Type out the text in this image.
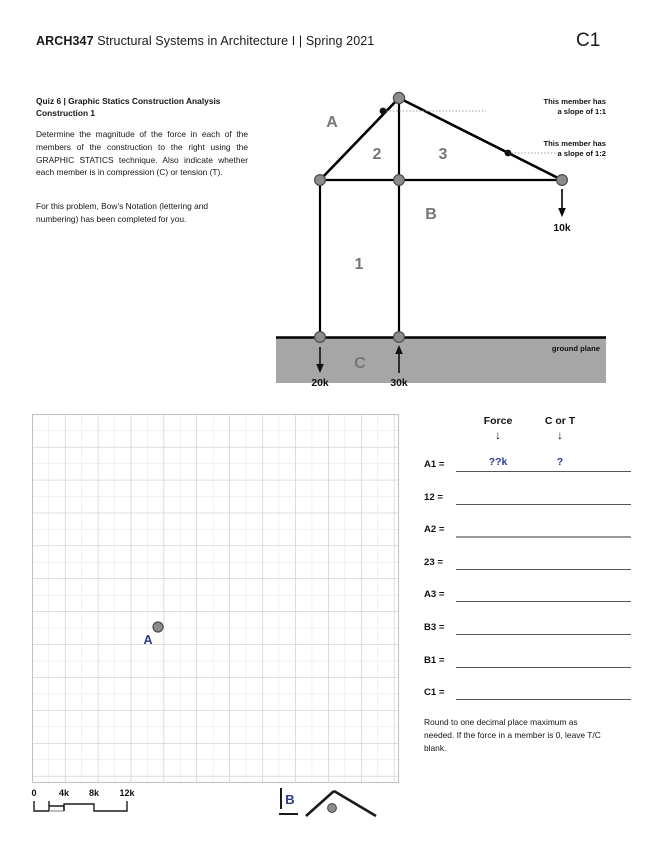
ARCH347 Structural Systems in Architecture I | Spring 2021	C1
Quiz 6 | Graphic Statics Construction Analysis Construction 1
Determine the magnitude of the force in each of the members of the construction to the right using the GRAPHIC STATICS technique. Also indicate whether each member is in compression (C) or tension (T).
For this problem, Bow’s Notation (lettering and numbering) has been completed for you.
10k
20k	30k
A
B
C
1
2	3
This member has
a slope of 1:1
This member has
a slope of 1:2
ground plane
A
Force	C or T
↓	↓
A1 =	??k	?
12 =
A2 =
23 =
A3 =
B3 =
B1 =
C1 =
Round to one decimal place maximum as needed. If the force in a member is 0, leave T/C blank.
0 4k 8k 12k	B
